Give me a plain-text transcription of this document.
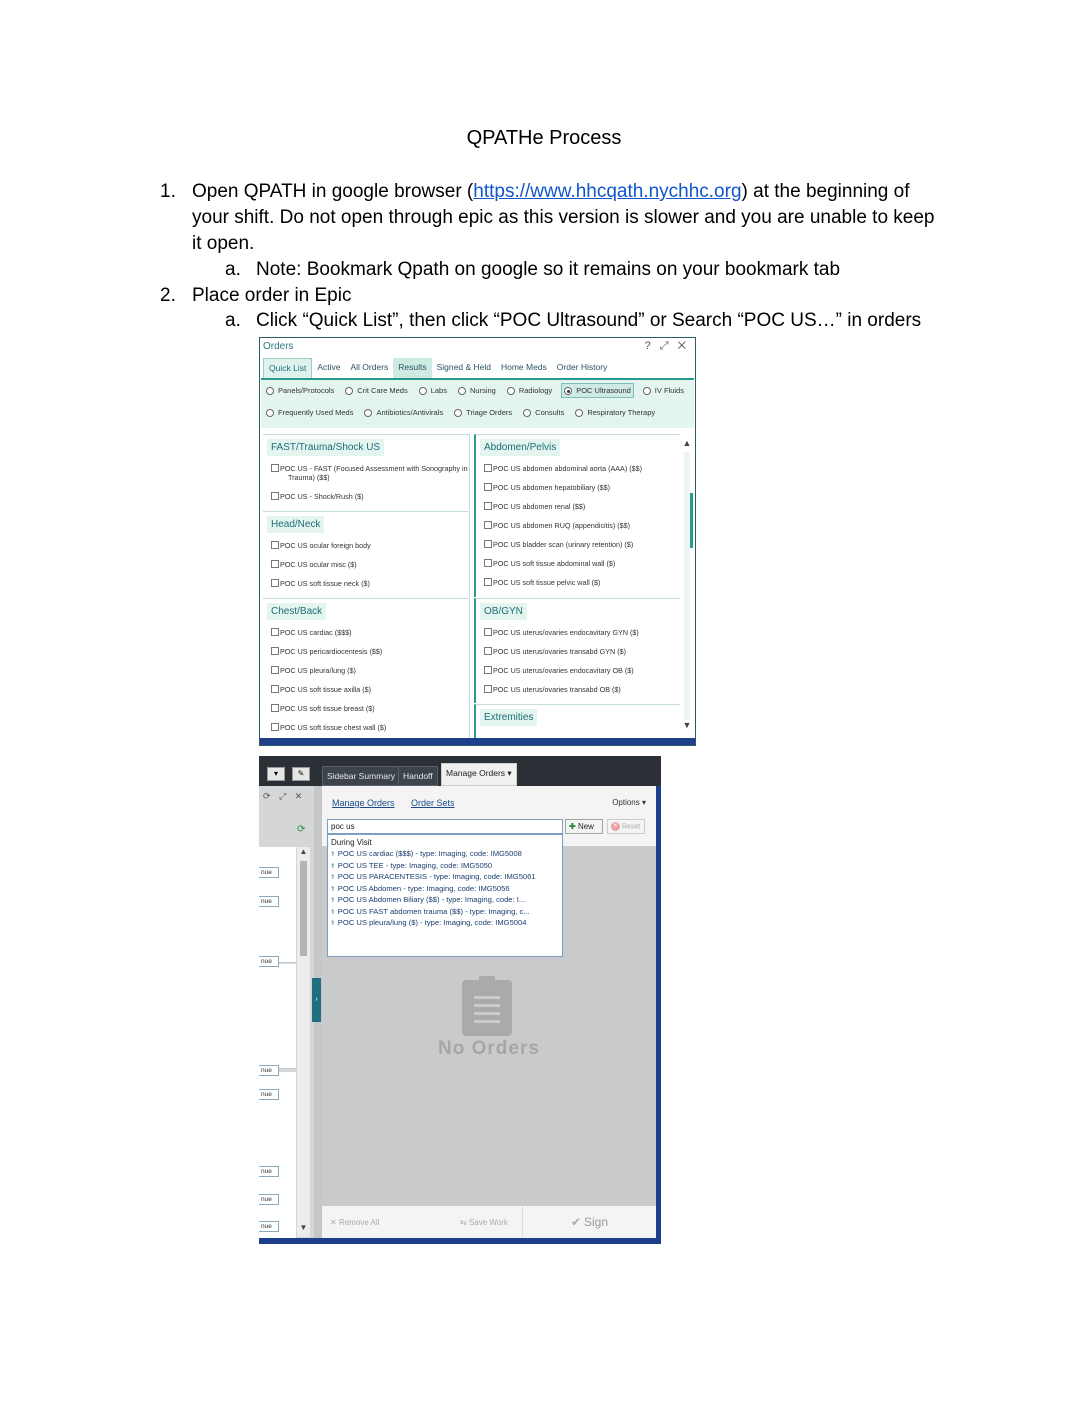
QPATHe Process
1. Open QPATH in google browser (https://www.hhcqath.nychhc.org) at the beginning of
your shift. Do not open through epic as this version is slower and you are unable to keep
it open.
a. Note: Bookmark Qpath on google so it remains on your bookmark tab
2. Place order in Epic
a. Click “Quick List”, then click “POC Ultrasound” or Search “POC US…” in orders
Orders	? ⤢ ✕
Quick List	Active	All Orders	Results	Signed & Held	Home Meds	Order History
Panels/Protocols	Crit Care Meds	Labs	Nursing	Radiology	POC Ultrasound	IV Fluids
Frequently Used Meds	Antibiotics/Antivirals	Triage Orders	Consults	Respiratory Therapy
FAST/Trauma/Shock US
POC US - FAST (Focused Assessment with Sonography in
Trauma) ($$)
POC US - Shock/Rush ($)
Head/Neck
POC US ocular foreign body
POC US ocular misc ($)
POC US soft tissue neck ($)
Chest/Back
POC US cardiac ($$$)
POC US pericardiocentesis ($$)
POC US pleura/lung ($)
POC US soft tissue axilla ($)
POC US soft tissue breast ($)
POC US soft tissue chest wall ($)
Abdomen/Pelvis
POC US abdomen abdominal aorta (AAA) ($$)
POC US abdomen hepatobiliary ($$)
POC US abdomen renal ($$)
POC US abdomen RUQ (appendicitis) ($$)
POC US bladder scan (urinary retention) ($)
POC US soft tissue abdominal wall ($)
POC US soft tissue pelvic wall ($)
OB/GYN
POC US uterus/ovaries endocavitary GYN ($)
POC US uterus/ovaries transabd GYN ($)
POC US uterus/ovaries endocavitary OB ($)
POC US uterus/ovaries transabd OB ($)
Extremities
▲
▼
▾	✎	Sidebar Summary Handoff	Manage Orders ▾
⟳ ⤢ ✕
⟳
nue
nue
nue
nue
nue
nue
nue
nue
▲
▼
›
Manage Orders Order Sets	Options ▾
poc us	✚ New	✕ Reset
During Visit
⚕ POC US cardiac ($$$) - type: Imaging, code: IMG5008
⚕ POC US TEE - type: Imaging, code: IMG5050
⚕ POC US PARACENTESIS - type: Imaging, code: IMG5061
⚕ POC US Abdomen - type: Imaging, code: IMG5056
⚕ POC US Abdomen Biliary ($$) - type: Imaging, code: I...
⚕ POC US FAST abdomen trauma ($$) - type: Imaging, c...
⚕ POC US pleura/lung ($) - type: Imaging, code: IMG5004
No Orders
✕ Remove All	⇆ Save Work	✔ Sign
